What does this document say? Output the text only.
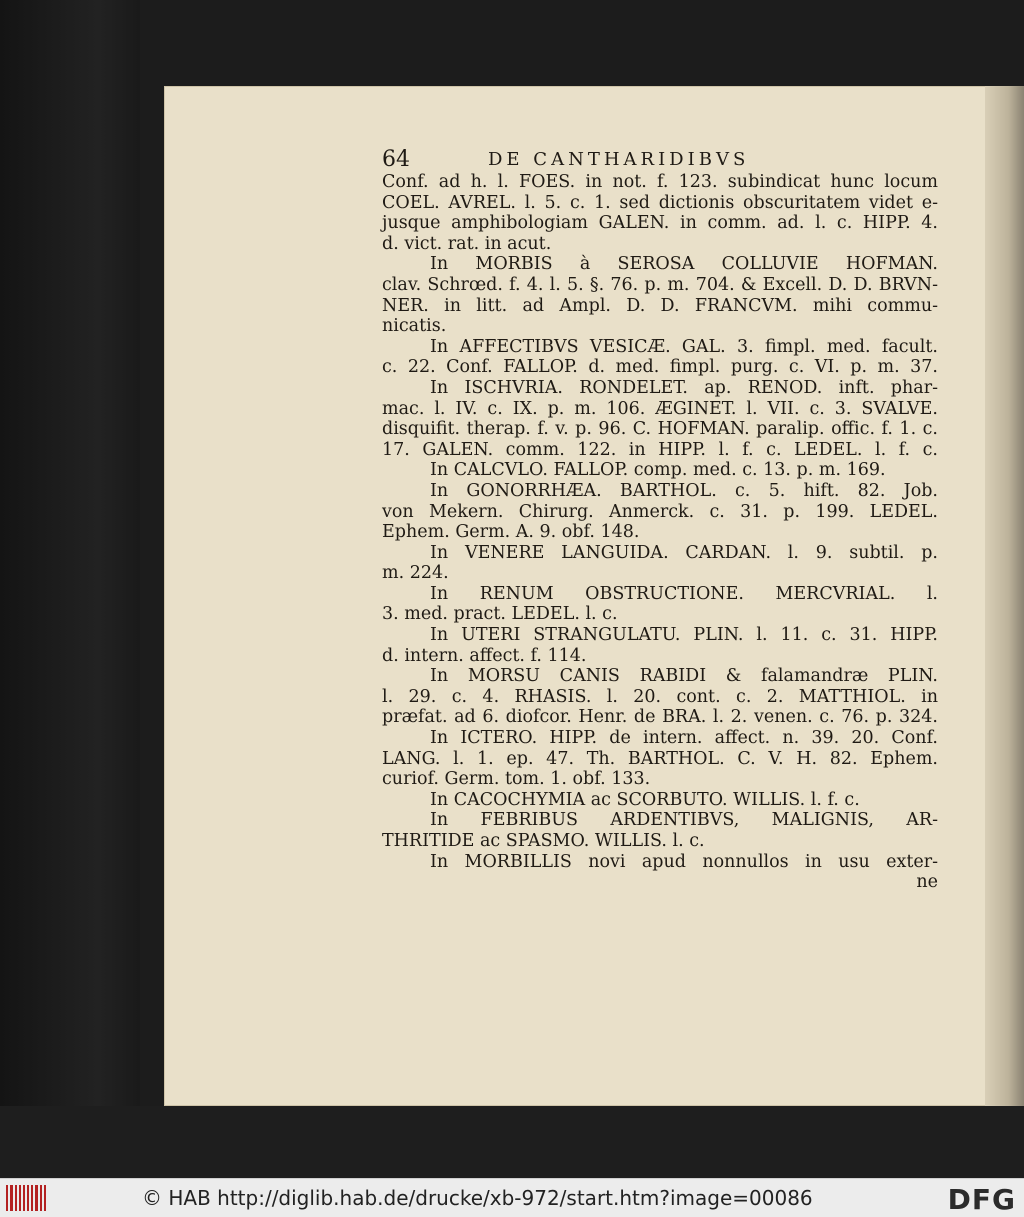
64	DE CANTHARIDIBVS
Conf. ad h. l. FOES. in not. f. 123. subindicat hunc locum
COEL. AVREL. l. 5. c. 1. sed dictionis obscuritatem videt e-
jusque amphibologiam GALEN. in comm. ad. l. c. HIPP. 4.
d. vict. rat. in acut.
In MORBIS à SEROSA COLLUVIE HOFMAN.
clav. Schrœd. f. 4. l. 5. §. 76. p. m. 704. & Excell. D. D. BRVN-
NER. in litt. ad Ampl. D. D. FRANCVM. mihi commu-
nicatis.
In AFFECTIBVS VESICÆ. GAL. 3. fimpl. med. facult.
c. 22. Conf. FALLOP. d. med. fimpl. purg. c. VI. p. m. 37.
In ISCHVRIA. RONDELET. ap. RENOD. inft. phar-
mac. l. IV. c. IX. p. m. 106. ÆGINET. l. VII. c. 3. SVALVE.
disquifit. therap. f. v. p. 96. C. HOFMAN. paralip. offic. f. 1. c.
17. GALEN. comm. 122. in HIPP. l. f. c. LEDEL. l. f. c.
In CALCVLO. FALLOP. comp. med. c. 13. p. m. 169.
In GONORRHÆA. BARTHOL. c. 5. hift. 82. Job.
von Mekern. Chirurg. Anmerck. c. 31. p. 199. LEDEL.
Ephem. Germ. A. 9. obf. 148.
In VENERE LANGUIDA. CARDAN. l. 9. subtil. p.
m. 224.
In RENUM OBSTRUCTIONE. MERCVRIAL. l.
3. med. pract. LEDEL. l. c.
In UTERI STRANGULATU. PLIN. l. 11. c. 31. HIPP.
d. intern. affect. f. 114.
In MORSU CANIS RABIDI & falamandræ PLIN.
l. 29. c. 4. RHASIS. l. 20. cont. c. 2. MATTHIOL. in
præfat. ad 6. diofcor. Henr. de BRA. l. 2. venen. c. 76. p. 324.
In ICTERO. HIPP. de intern. affect. n. 39. 20. Conf.
LANG. l. 1. ep. 47. Th. BARTHOL. C. V. H. 82. Ephem.
curiof. Germ. tom. 1. obf. 133.
In CACOCHYMIA ac SCORBUTO. WILLIS. l. f. c.
In FEBRIBUS ARDENTIBVS, MALIGNIS, AR-
THRITIDE ac SPASMO. WILLIS. l. c.
In MORBILLIS novi apud nonnullos in usu exter-
ne
© HAB http://diglib.hab.de/drucke/xb-972/start.htm?image=00086	DFG
